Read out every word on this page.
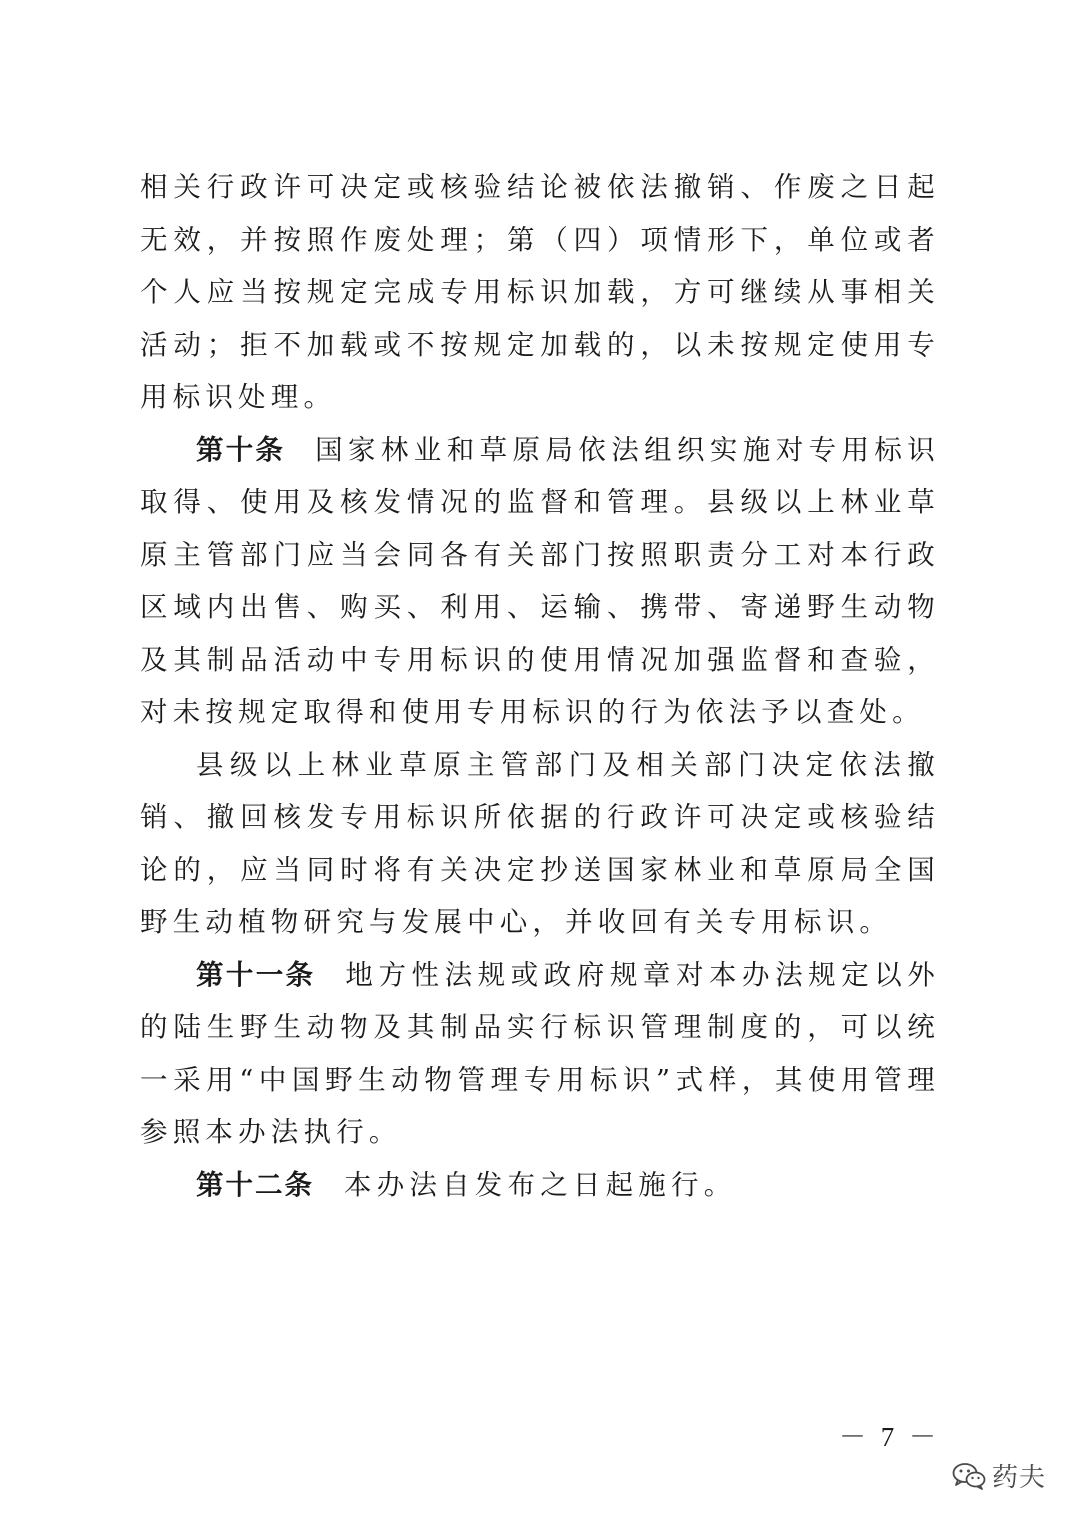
相关行政许可决定或核验结论被依法撤销、作废之日起无效，并按照作废处理；第（四）项情形下，单位或者个人应当按规定完成专用标识加载，方可继续从事相关活动；拒不加载或不按规定加载的，以未按规定使用专用标识处理。

第十条 国家林业和草原局依法组织实施对专用标识取得、使用及核发情况的监督和管理。县级以上林业草原主管部门应当会同各有关部门按照职责分工对本行政区域内出售、购买、利用、运输、携带、寄递野生动物及其制品活动中专用标识的使用情况加强监督和查验，对未按规定取得和使用专用标识的行为依法予以查处。

县级以上林业草原主管部门及相关部门决定依法撤销、撤回核发专用标识所依据的行政许可决定或核验结论的，应当同时将有关决定抄送国家林业和草原局全国野生动植物研究与发展中心，并收回有关专用标识。

第十一条 地方性法规或政府规章对本办法规定以外的陆生野生动物及其制品实行标识管理制度的，可以统一采用“中国野生动物管理专用标识”式样，其使用管理参照本办法执行。

第十二条 本办法自发布之日起施行。

－ 7 －
药夫
